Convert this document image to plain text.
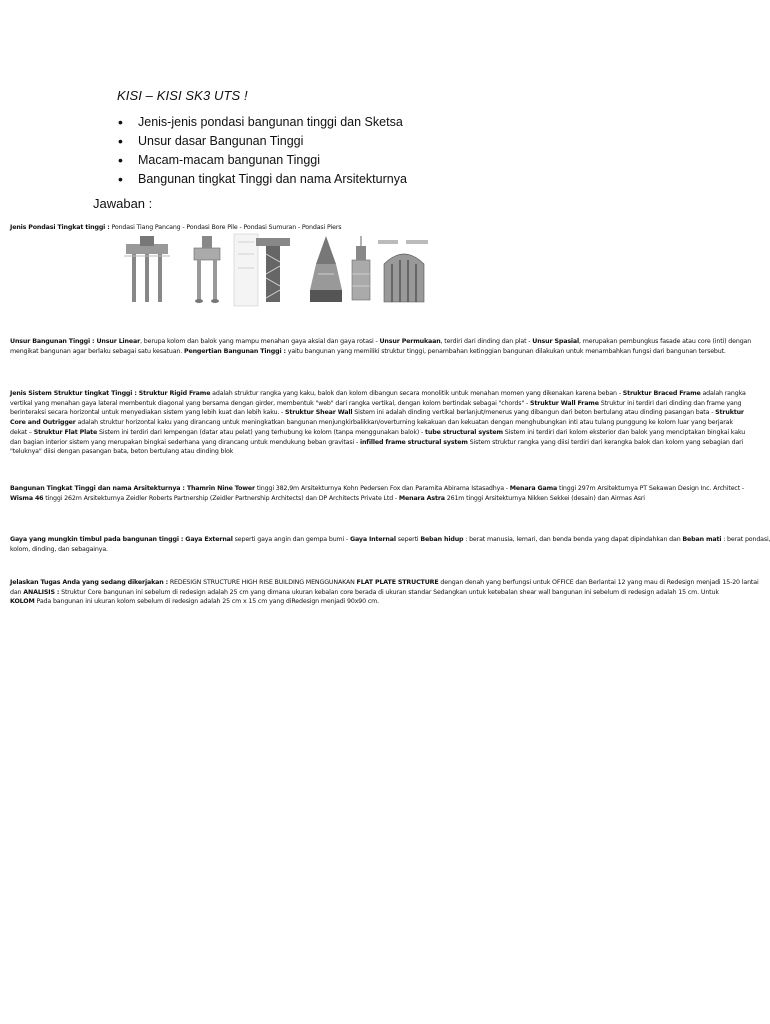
KISI – KISI SK3 UTS !
• Jenis-jenis pondasi bangunan tinggi dan Sketsa
• Unsur dasar Bangunan Tinggi
• Macam-macam bangunan Tinggi
• Bangunan tingkat Tinggi dan nama Arsitekturnya
Jawaban :
Jenis Pondasi Tingkat tinggi : Pondasi Tiang Pancang - Pondasi Bore Pile - Pondasi Sumuran - Pondasi Piers
Unsur Bangunan Tinggi : Unsur Linear, berupa kolom dan balok yang mampu menahan gaya aksial dan gaya rotasi - Unsur Permukaan, terdiri dari dinding dan plat - Unsur Spasial, merupakan pembungkus fasade atau core (inti) dengan
mengikat bangunan agar berlaku sebagai satu kesatuan. Pengertian Bangunan Tinggi : yaitu bangunan yang memiliki struktur tinggi, penambahan ketinggian bangunan dilakukan untuk menambahkan fungsi dari bangunan tersebut.
Jenis Sistem Struktur tingkat Tinggi : Struktur Rigid Frame adalah struktur rangka yang kaku, balok dan kolom dibangun secara monolitik untuk menahan momen yang dikenakan karena beban - Struktur Braced Frame adalah rangka
vertikal yang menahan gaya lateral membentuk diagonal yang bersama dengan girder, membentuk "web" dari rangka vertikal, dengan kolom bertindak sebagai "chords" - Struktur Wall Frame Struktur ini terdiri dari dinding dan frame yang
berinteraksi secara horizontal untuk menyediakan sistem yang lebih kuat dan lebih kaku. - Struktur Shear Wall Sistem ini adalah dinding vertikal berlanjut/menerus yang dibangun dari beton bertulang atau dinding pasangan bata - Struktur
Core and Outrigger adalah struktur horizontal kaku yang dirancang untuk meningkatkan bangunan menjungkirbalikkan/overturning kekakuan dan kekuatan dengan menghubungkan inti atau tulang punggung ke kolom luar yang berjarak
dekat – Struktur Flat Plate Sistem ini terdiri dari lempengan (datar atau pelat) yang terhubung ke kolom (tanpa menggunakan balok) - tube structural system Sistem ini terdiri dari kolom eksterior dan balok yang menciptakan bingkai kaku
dan bagian interior sistem yang merupakan bingkai sederhana yang dirancang untuk mendukung beban gravitasi - infilled frame structural system Sistem struktur rangka yang diisi terdiri dari kerangka balok dan kolom yang sebagian dari
"teluknya" diisi dengan pasangan bata, beton bertulang atau dinding blok
Bangunan Tingkat Tinggi dan nama Arsitekturnya : Thamrin Nine Tower tinggi 382,9m Arsitekturnya Kohn Pedersen Fox dan Paramita Abirama Istasadhya - Menara Gama tinggi 297m Arsitekturnya PT Sekawan Design Inc. Architect -
Wisma 46 tinggi 262m Arsitekturnya Zeidler Roberts Partnership (Zeidler Partnership Architects) dan DP Architects Private Ltd - Menara Astra 261m tinggi Arsitekturnya Nikken Sekkei (desain) dan Airmas Asri
Gaya yang mungkin timbul pada bangunan tinggi : Gaya External seperti gaya angin dan gempa bumi - Gaya Internal seperti Beban hidup : berat manusia, lemari, dan benda benda yang dapat dipindahkan dan Beban mati : berat pondasi,
kolom, dinding, dan sebagainya.
Jelaskan Tugas Anda yang sedang dikerjakan : REDESIGN STRUCTURE HIGH RISE BUILDING MENGGUNAKAN FLAT PLATE STRUCTURE dengan denah yang berfungsi untuk OFFICE dan Berlantai 12 yang mau di Redesign menjadi 15-20 lantai
dan ANALISIS : Struktur Core bangunan ini sebelum di redesign adalah 25 cm yang dimana ukuran kebalan core berada di ukuran standar Sedangkan untuk ketebalan shear wall bangunan ini sebelum di redesign adalah 15 cm. Untuk
KOLOM Pada bangunan ini ukuran kolom sebelum di redesign adalah 25 cm x 15 cm yang diRedesign menjadi 90x90 cm.
